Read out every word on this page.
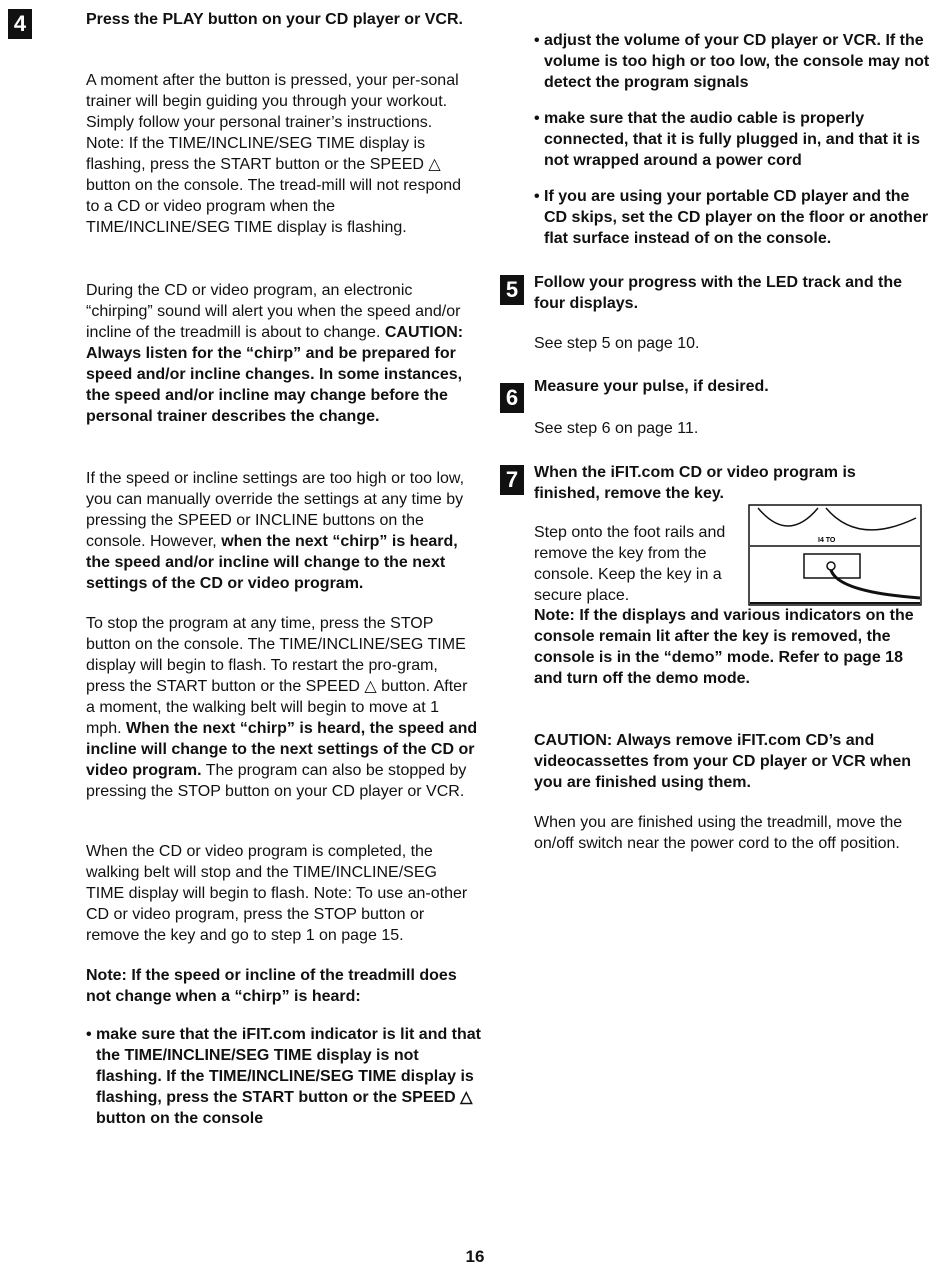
4	Press the PLAY button on your CD player or VCR.

A moment after the button is pressed, your per-sonal trainer will begin guiding you through your workout. Simply follow your personal trainer’s instructions. Note: If the TIME/INCLINE/SEG TIME display is flashing, press the START button or the SPEED △ button on the console. The tread-mill will not respond to a CD or video program when the TIME/INCLINE/SEG TIME display is flashing.

During the CD or video program, an electronic “chirping” sound will alert you when the speed and/or incline of the treadmill is about to change. CAUTION: Always listen for the “chirp” and be prepared for speed and/or incline changes. In some instances, the speed and/or incline may change before the personal trainer describes the change.

If the speed or incline settings are too high or too low, you can manually override the settings at any time by pressing the SPEED or INCLINE buttons on the console. However, when the next “chirp” is heard, the speed and/or incline will change to the next settings of the CD or video program.

To stop the program at any time, press the STOP button on the console. The TIME/INCLINE/SEG TIME display will begin to flash. To restart the pro-gram, press the START button or the SPEED △ button. After a moment, the walking belt will begin to move at 1 mph. When the next “chirp” is heard, the speed and incline will change to the next settings of the CD or video program. The program can also be stopped by pressing the STOP button on your CD player or VCR.

When the CD or video program is completed, the walking belt will stop and the TIME/INCLINE/SEG TIME display will begin to flash. Note: To use an-other CD or video program, press the STOP button or remove the key and go to step 1 on page 15.

Note: If the speed or incline of the treadmill does not change when a “chirp” is heard:

• make sure that the iFIT.com indicator is lit and that the TIME/INCLINE/SEG TIME display is not flashing. If the TIME/INCLINE/SEG TIME display is flashing, press the START button or the SPEED △ button on the console

• adjust the volume of your CD player or VCR. If the volume is too high or too low, the console may not detect the program signals

• make sure that the audio cable is properly connected, that it is fully plugged in, and that it is not wrapped around a power cord

• If you are using your portable CD player and the CD skips, set the CD player on the floor or another flat surface instead of on the console.

5 Follow your progress with the LED track and the four displays.

See step 5 on page 10.

6 Measure your pulse, if desired.

See step 6 on page 11.

7 When the iFIT.com CD or video program is finished, remove the key.

Step onto the foot rails and remove the key from the console. Keep the key in a secure place.

Note: If the displays and various indicators on the console remain lit after the key is removed, the console is in the “demo” mode. Refer to page 18 and turn off the demo mode.

CAUTION: Always remove iFIT.com CD’s and videocassettes from your CD player or VCR when you are finished using them.

When you are finished using the treadmill, move the on/off switch near the power cord to the off position.

I4 TO
16
